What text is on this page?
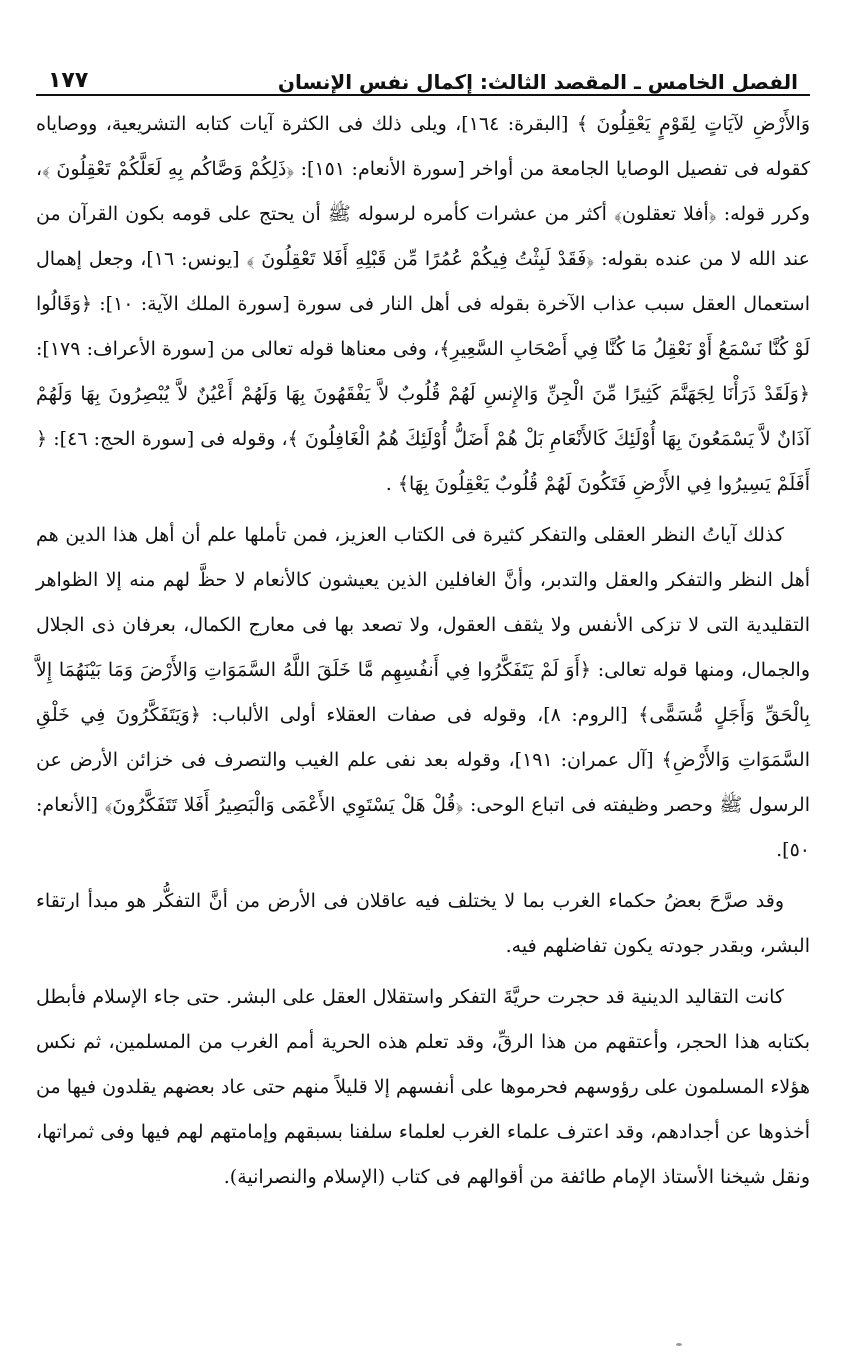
الفصل الخامس ـ المقصد الثالث: إكمال نفس الإنسان
١٧٧

وَالأَرْضِ لآيَاتٍ لِقَوْمٍ يَعْقِلُونَ ﴾ [البقرة: ١٦٤]، ويلى ذلك فى الكثرة آيات كتابه التشريعية، ووصاياه كقوله فى تفصيل الوصايا الجامعة من أواخر [سورة الأنعام: ١٥١]: ﴿ذَلِكُمْ وَصَّاكُم بِهِ لَعَلَّكُمْ تَعْقِلُونَ ﴾، وكرر قوله: ﴿أفلا تعقلون﴾ أكثر من عشرات كأمره لرسوله ﷺ أن يحتج على قومه بكون القرآن من عند الله لا من عنده بقوله: ﴿فَقَدْ لَبِثْتُ فِيكُمْ عُمُرًا مِّن قَبْلِهِ أَفَلا تَعْقِلُونَ ﴾ [يونس: ١٦]، وجعل إهمال استعمال العقل سبب عذاب الآخرة بقوله فى أهل النار فى سورة [سورة الملك الآية: ١٠]: ﴿وَقَالُوا لَوْ كُنَّا نَسْمَعُ أَوْ نَعْقِلُ مَا كُنَّا فِي أَصْحَابِ السَّعِيرِ﴾، وفى معناها قوله تعالى من [سورة الأعراف: ١٧٩]: ﴿وَلَقَدْ ذَرَأْنَا لِجَهَنَّمَ كَثِيرًا مِّنَ الْجِنِّ وَالإِنسِ لَهُمْ قُلُوبٌ لاَّ يَفْقَهُونَ بِهَا وَلَهُمْ أَعْيُنٌ لاَّ يُبْصِرُونَ بِهَا وَلَهُمْ آذَانٌ لاَّ يَسْمَعُونَ بِهَا أُوْلَئِكَ كَالأَنْعَامِ بَلْ هُمْ أَضَلُّ أُوْلَئِكَ هُمُ الْغَافِلُونَ ﴾، وقوله فى [سورة الحج: ٤٦]: ﴿ أَفَلَمْ يَسِيرُوا فِي الأَرْضِ فَتَكُونَ لَهُمْ قُلُوبٌ يَعْقِلُونَ بِهَا﴾ .

كذلك آياتُ النظر العقلى والتفكر كثيرة فى الكتاب العزيز، فمن تأملها علم أن أهل هذا الدين هم أهل النظر والتفكر والعقل والتدبر، وأنَّ الغافلين الذين يعيشون كالأنعام لا حظَّ لهم منه إلا الظواهر التقليدية التى لا تزكى الأنفس ولا يثقف العقول، ولا تصعد بها فى معارج الكمال، بعرفان ذى الجلال والجمال، ومنها قوله تعالى: ﴿أَوَ لَمْ يَتَفَكَّرُوا فِي أَنفُسِهِم مَّا خَلَقَ اللَّهُ السَّمَوَاتِ وَالأَرْضَ وَمَا بَيْنَهُمَا إِلاَّ بِالْحَقِّ وَأَجَلٍ مُّسَمًّى﴾ [الروم: ٨]، وقوله فى صفات العقلاء أولى الألباب: ﴿وَيَتَفَكَّرُونَ فِي خَلْقِ السَّمَوَاتِ وَالأَرْضِ﴾ [آل عمران: ١٩١]، وقوله بعد نفى علم الغيب والتصرف فى خزائن الأرض عن الرسول ﷺ وحصر وظيفته فى اتباع الوحى: ﴿قُلْ هَلْ يَسْتَوِي الأَعْمَى وَالْبَصِيرُ أَفَلا تَتَفَكَّرُونَ﴾ [الأنعام: ٥٠].

وقد صرَّحَ بعضُ حكماء الغرب بما لا يختلف فيه عاقلان فى الأرض من أنَّ التفكُّر هو مبدأ ارتقاء البشر، وبقدر جودته يكون تفاضلهم فيه.

كانت التقاليد الدينية قد حجرت حريَّةَ التفكر واستقلال العقل على البشر. حتى جاء الإسلام فأبطل بكتابه هذا الحجر، وأعتقهم من هذا الرقِّ، وقد تعلم هذه الحرية أمم الغرب من المسلمين، ثم نكس هؤلاء المسلمون على رؤوسهم فحرموها على أنفسهم إلا قليلاً منهم حتى عاد بعضهم يقلدون فيها من أخذوها عن أجدادهم، وقد اعترف علماء الغرب لعلماء سلفنا بسبقهم وإمامتهم لهم فيها وفى ثمراتها، ونقل شيخنا الأستاذ الإمام طائفة من أقوالهم فى كتاب (الإسلام والنصرانية).
